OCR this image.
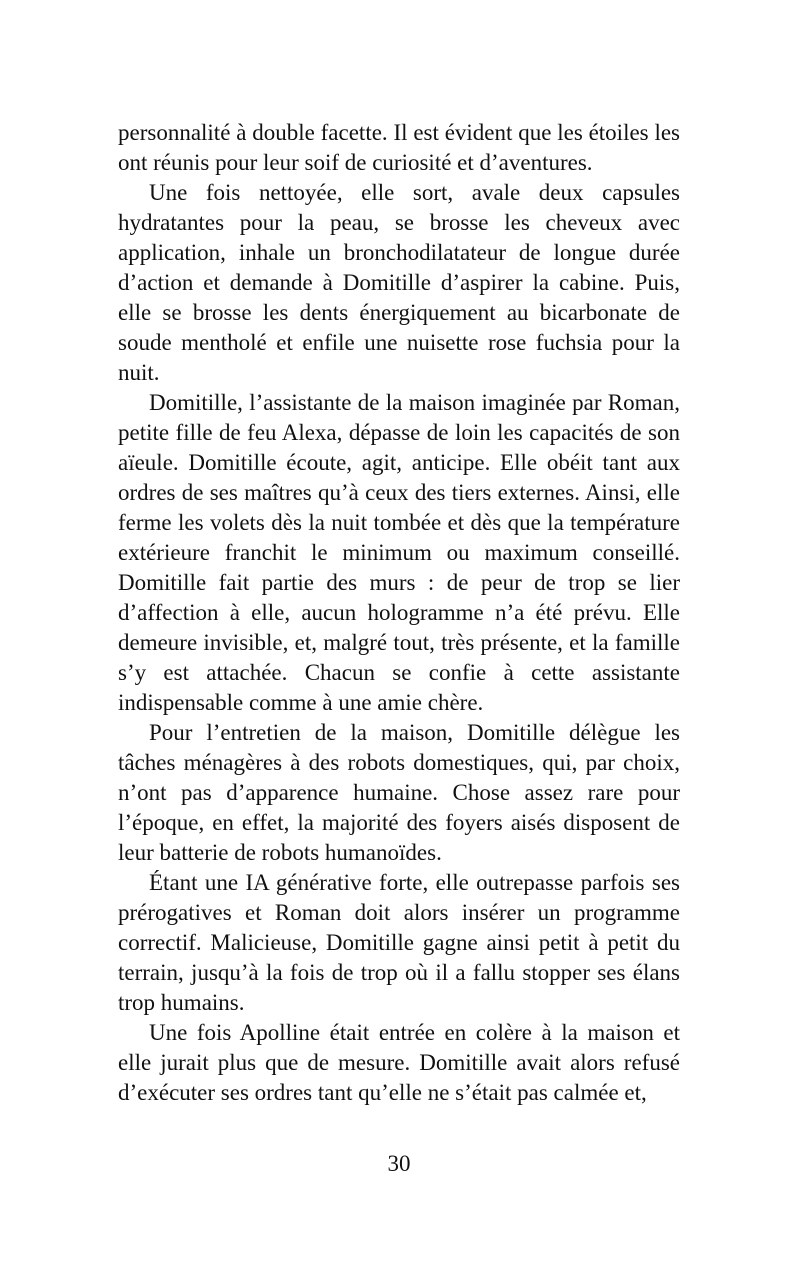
personnalité à double facette. Il est évident que les étoiles les ont réunis pour leur soif de curiosité et d’aventures.

Une fois nettoyée, elle sort, avale deux capsules hydratantes pour la peau, se brosse les cheveux avec application, inhale un bronchodilatateur de longue durée d’action et demande à Domitille d’aspirer la cabine. Puis, elle se brosse les dents énergiquement au bicarbonate de soude mentholé et enfile une nuisette rose fuchsia pour la nuit.

Domitille, l’assistante de la maison imaginée par Roman, petite fille de feu Alexa, dépasse de loin les capacités de son aïeule. Domitille écoute, agit, anticipe. Elle obéit tant aux ordres de ses maîtres qu’à ceux des tiers externes. Ainsi, elle ferme les volets dès la nuit tombée et dès que la température extérieure franchit le minimum ou maximum conseillé. Domitille fait partie des murs : de peur de trop se lier d’affection à elle, aucun hologramme n’a été prévu. Elle demeure invisible, et, malgré tout, très présente, et la famille s’y est attachée. Chacun se confie à cette assistante indispensable comme à une amie chère.

Pour l’entretien de la maison, Domitille délègue les tâches ménagères à des robots domestiques, qui, par choix, n’ont pas d’apparence humaine. Chose assez rare pour l’époque, en effet, la majorité des foyers aisés disposent de leur batterie de robots humanoïdes.

Étant une IA générative forte, elle outrepasse parfois ses prérogatives et Roman doit alors insérer un programme correctif. Malicieuse, Domitille gagne ainsi petit à petit du terrain, jusqu’à la fois de trop où il a fallu stopper ses élans trop humains.

Une fois Apolline était entrée en colère à la maison et elle jurait plus que de mesure. Domitille avait alors refusé d’exécuter ses ordres tant qu’elle ne s’était pas calmée et,

30
